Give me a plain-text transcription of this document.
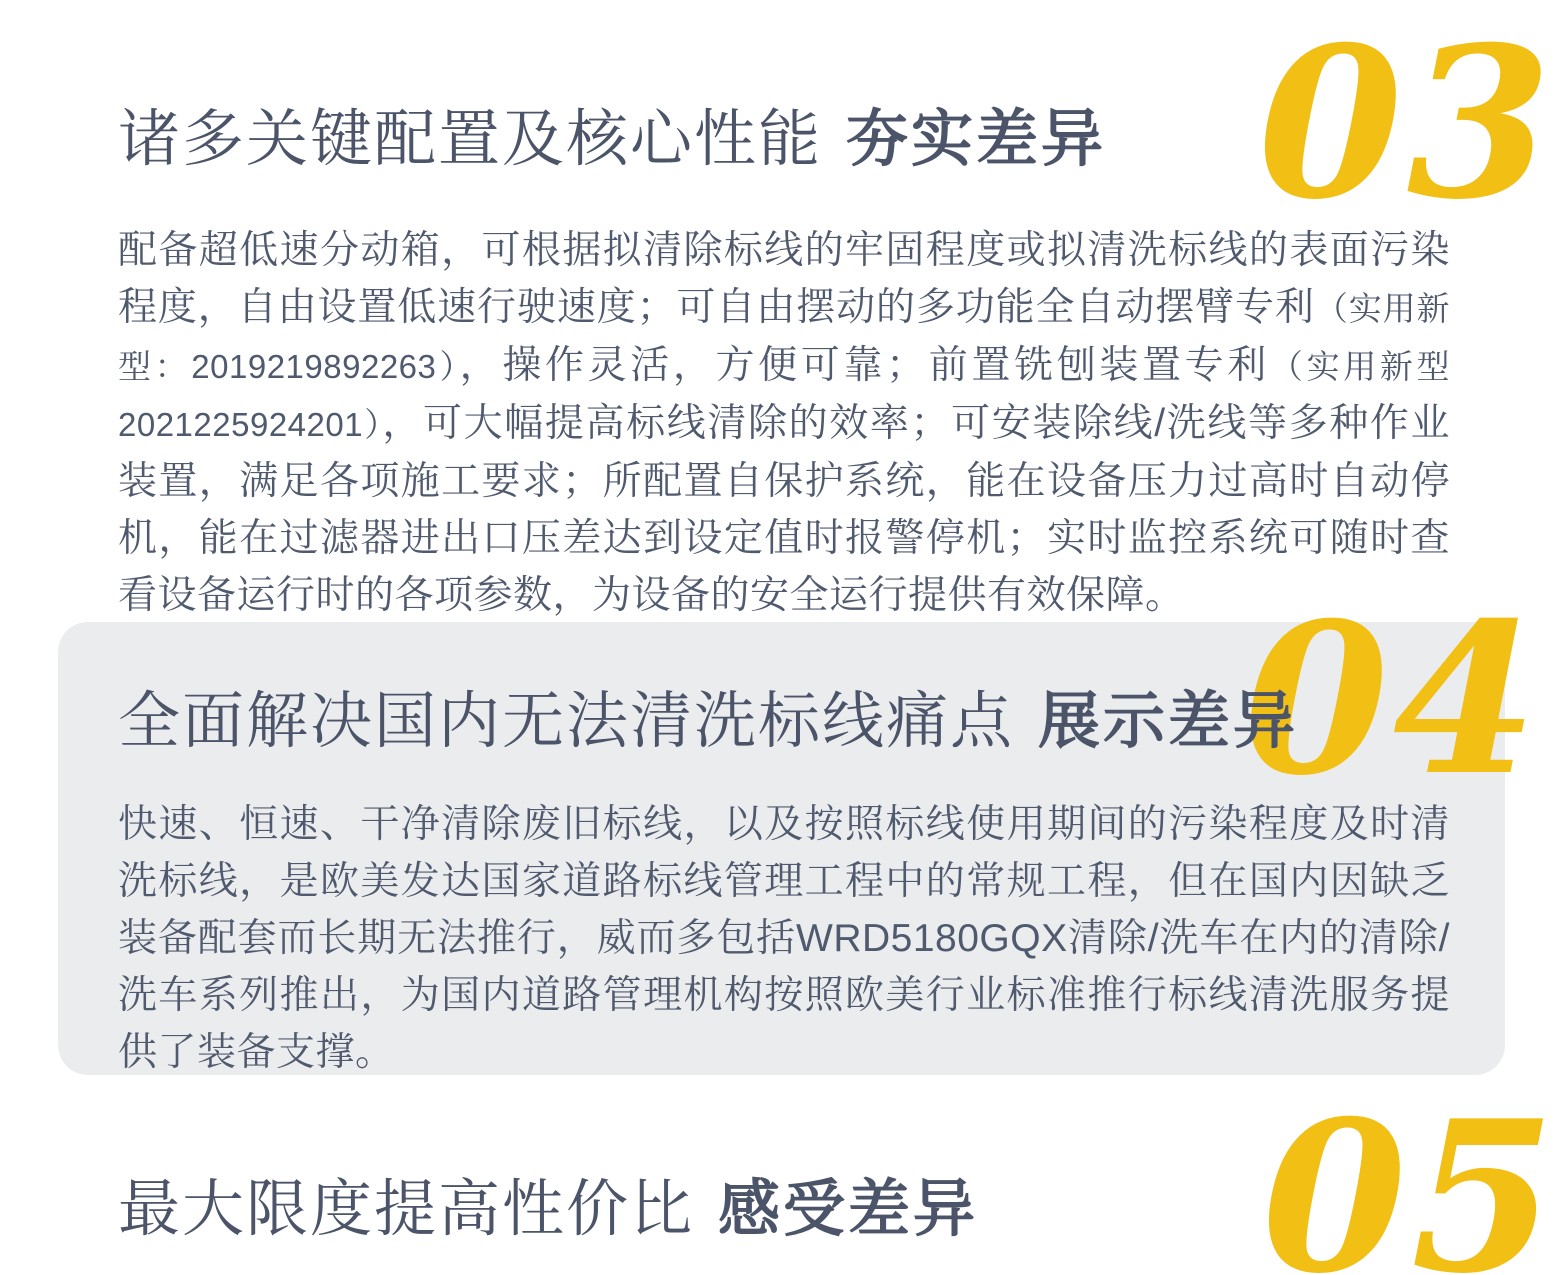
03
诸多关键配置及核心性能 夯实差异

配备超低速分动箱，可根据拟清除标线的牢固程度或拟清洗标线的表面污染程度，自由设置低速行驶速度；可自由摆动的多功能全自动摆臂专利（实用新型：2019219892263），操作灵活，方便可靠；前置铣刨装置专利（实用新型 2021225924201），可大幅提高标线清除的效率；可安装除线/洗线等多种作业装置，满足各项施工要求；所配置自保护系统，能在设备压力过高时自动停机，能在过滤器进出口压差达到设定值时报警停机；实时监控系统可随时查看设备运行时的各项参数，为设备的安全运行提供有效保障。 04
全面解决国内无法清洗标线痛点 展示差异

快速、恒速、干净清除废旧标线，以及按照标线使用期间的污染程度及时清洗标线，是欧美发达国家道路标线管理工程中的常规工程，但在国内因缺乏装备配套而长期无法推行，威而多包括WRD5180GQX清除/洗车在内的清除/洗车系列推出，为国内道路管理机构按照欧美行业标准推行标线清洗服务提供了装备支撑。

05
最大限度提高性价比 感受差异
